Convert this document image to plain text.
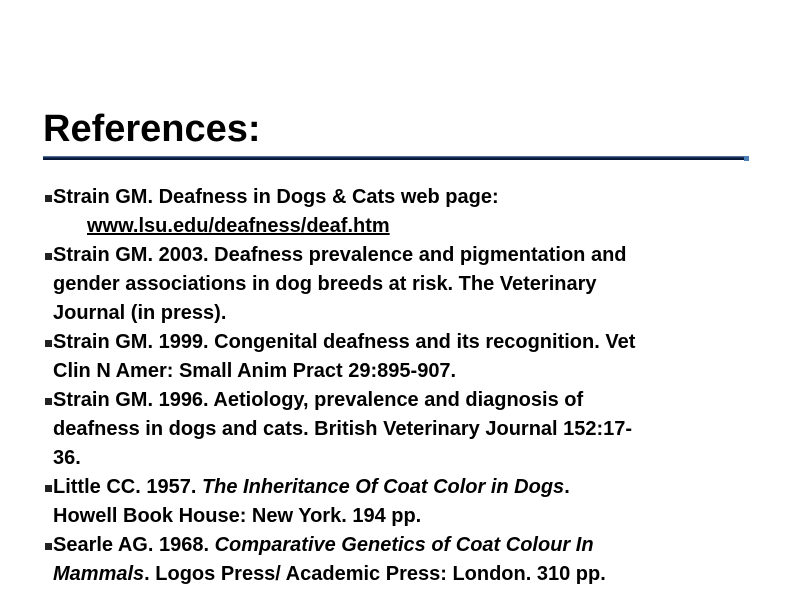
References:
Strain GM. Deafness in Dogs & Cats web page:
www.lsu.edu/deafness/deaf.htm
Strain GM. 2003. Deafness prevalence and pigmentation and
gender associations in dog breeds at risk. The Veterinary
Journal (in press).
Strain GM. 1999. Congenital deafness and its recognition. Vet
Clin N Amer: Small Anim Pract 29:895-907.
Strain GM. 1996. Aetiology, prevalence and diagnosis of
deafness in dogs and cats. British Veterinary Journal 152:17-
36.
Little CC. 1957. The Inheritance Of Coat Color in Dogs.
Howell Book House: New York. 194 pp.
Searle AG. 1968. Comparative Genetics of Coat Colour In
Mammals. Logos Press/ Academic Press: London. 310 pp.
